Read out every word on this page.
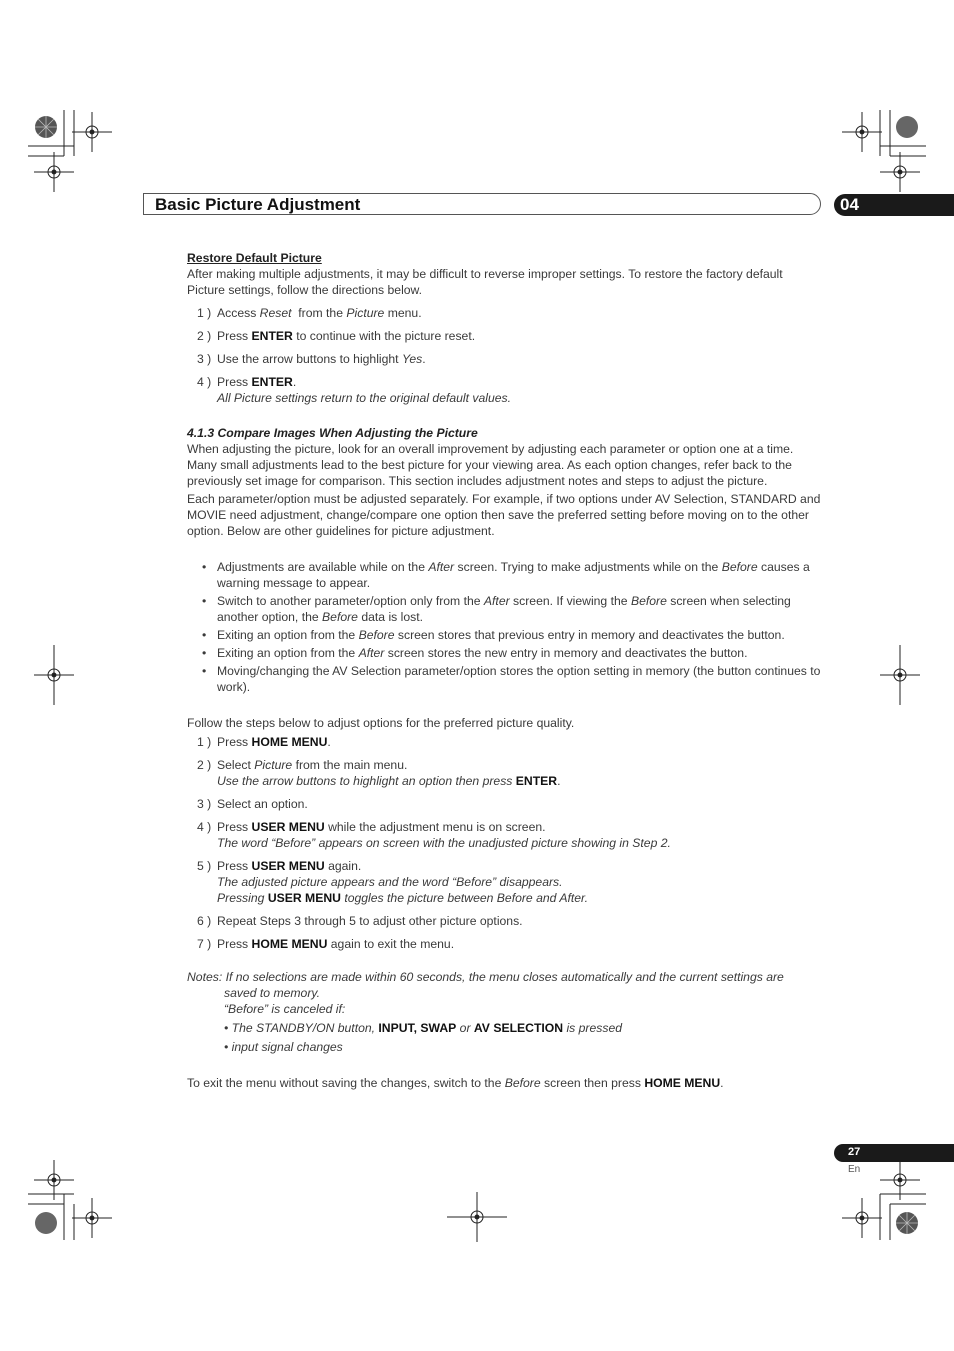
Basic Picture Adjustment	04

Restore Default Picture

After making multiple adjustments, it may be difficult to reverse improper settings. To restore the factory default Picture settings, follow the directions below.

1 ) Access Reset  from the Picture menu.

2 ) Press ENTER to continue with the picture reset.

3 ) Use the arrow buttons to highlight Yes.

4 ) Press ENTER.
All Picture settings return to the original default values.

4.1.3 Compare Images When Adjusting the Picture

When adjusting the picture, look for an overall improvement by adjusting each parameter or option one at a time. Many small adjustments lead to the best picture for your viewing area. As each option changes, refer back to the previously set image for comparison. This section includes adjustment notes and steps to adjust the picture.

Each parameter/option must be adjusted separately. For example, if two options under AV Selection, STANDARD and MOVIE need adjustment, change/compare one option then save the preferred setting before moving on to the other option. Below are other guidelines for picture adjustment.

• Adjustments are available while on the After screen. Trying to make adjustments while on the Before causes a warning message to appear.

• Switch to another parameter/option only from the After screen. If viewing the Before screen when selecting another option, the Before data is lost.

• Exiting an option from the Before screen stores that previous entry in memory and deactivates the button.

• Exiting an option from the After screen stores the new entry in memory and deactivates the button.

• Moving/changing the AV Selection parameter/option stores the option setting in memory (the button continues to work).

Follow the steps below to adjust options for the preferred picture quality.

1 ) Press HOME MENU.

2 ) Select Picture from the main menu.
Use the arrow buttons to highlight an option then press ENTER.

3 ) Select an option.

4 ) Press USER MENU while the adjustment menu is on screen.
The word “Before” appears on screen with the unadjusted picture showing in Step 2.

5 ) Press USER MENU again.
The adjusted picture appears and the word “Before” disappears.
Pressing USER MENU toggles the picture between Before and After.

6 ) Repeat Steps 3 through 5 to adjust other picture options.

7 ) Press HOME MENU again to exit the menu.

Notes: If no selections are made within 60 seconds, the menu closes automatically and the current settings are

saved to memory.

“Before” is canceled if:

• The STANDBY/ON button, INPUT, SWAP or AV SELECTION is pressed

• input signal changes

To exit the menu without saving the changes, switch to the Before screen then press HOME MENU.

27
En
